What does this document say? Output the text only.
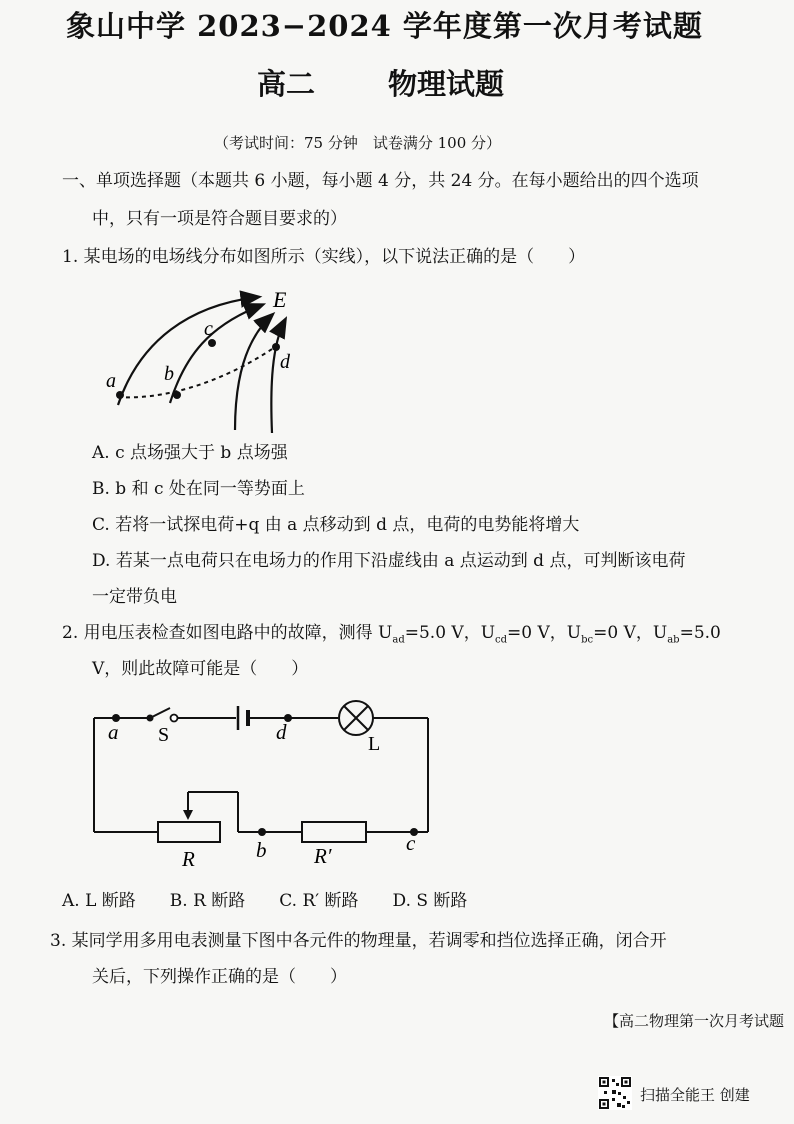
象山中学 2023−2024 学年度第一次月考试题
高二	物理试题
（考试时间：75 分钟　试卷满分 100 分）
一、单项选择题（本题共 6 小题，每小题 4 分，共 24 分。在每小题给出的四个选项
中，只有一项是符合题目要求的）
1. 某电场的电场线分布如图所示（实线），以下说法正确的是（　　）
E
a b
c
d
A. c 点场强大于 b 点场强
B. b 和 c 处在同一等势面上
C. 若将一试探电荷+q 由 a 点移动到 d 点，电荷的电势能将增大
D. 若某一点电荷只在电场力的作用下沿虚线由 a 点运动到 d 点，可判断该电荷
一定带负电
2. 用电压表检查如图电路中的故障，测得 $U_{ad}=5.0$ V，$U_{cd}=0$ V，$U_{bc}=0$ V，$U_{ab}=5.0$
V，则此故障可能是（　　）
a S	d	L
R	b R′
c
A. L 断路　　B. R 断路　　C. R′ 断路　　D. S 断路
3. 某同学用多用电表测量下图中各元件的物理量，若调零和挡位选择正确，闭合开
关后，下列操作正确的是（　　）
【高二物理第一次月考试题
扫描全能王 创建
